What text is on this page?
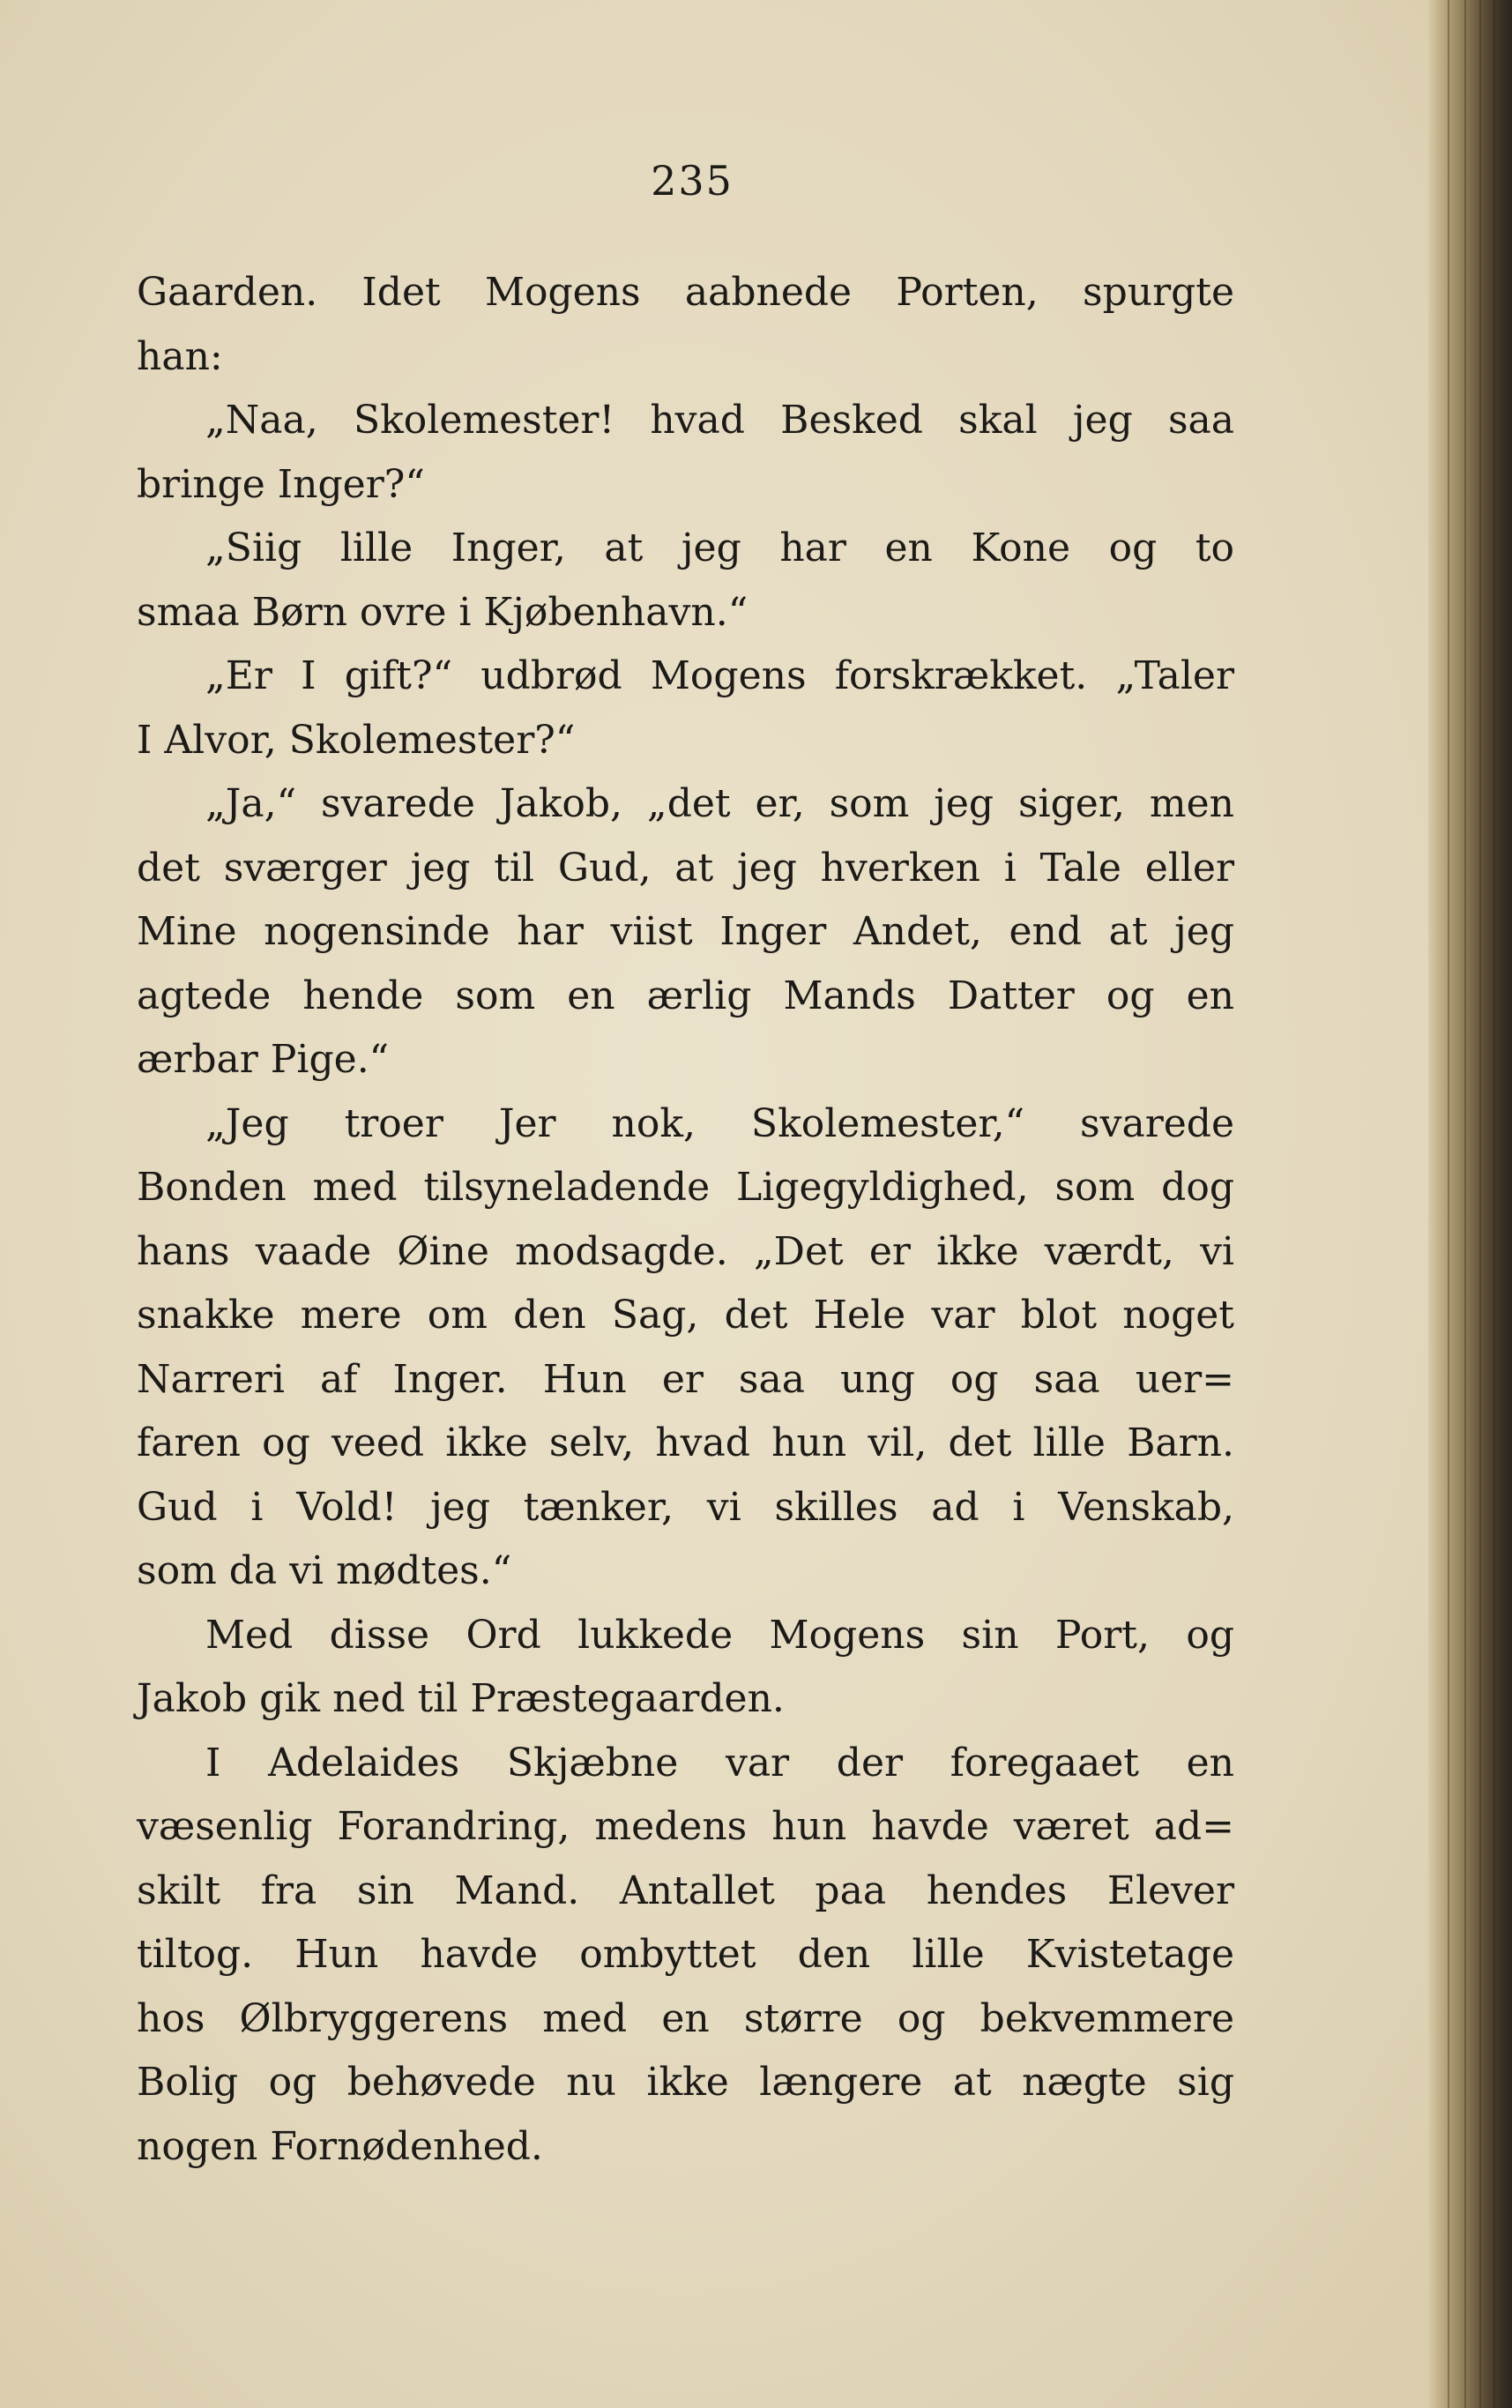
235
Gaarden. Idet Mogens aabnede Porten, spurgte
han:
„Naa, Skolemester! hvad Besked skal jeg saa
bringe Inger?“
„Siig lille Inger, at jeg har en Kone og to
smaa Børn ovre i Kjøbenhavn.“
„Er I gift?“ udbrød Mogens forskrækket. „Taler
I Alvor, Skolemester?“
„Ja,“ svarede Jakob, „det er, som jeg siger, men
det sværger jeg til Gud, at jeg hverken i Tale eller
Mine nogensinde har viist Inger Andet, end at jeg
agtede hende som en ærlig Mands Datter og en
ærbar Pige.“
„Jeg troer Jer nok, Skolemester,“ svarede
Bonden med tilsyneladende Ligegyldighed, som dog
hans vaade Øine modsagde. „Det er ikke værdt, vi
snakke mere om den Sag, det Hele var blot noget
Narreri af Inger. Hun er saa ung og saa uer=
faren og veed ikke selv, hvad hun vil, det lille Barn.
Gud i Vold! jeg tænker, vi skilles ad i Venskab,
som da vi mødtes.“
Med disse Ord lukkede Mogens sin Port, og
Jakob gik ned til Præstegaarden.
I Adelaides Skjæbne var der foregaaet en
væsenlig Forandring, medens hun havde været ad=
skilt fra sin Mand. Antallet paa hendes Elever
tiltog. Hun havde ombyttet den lille Kvistetage
hos Ølbryggerens med en større og bekvemmere
Bolig og behøvede nu ikke længere at nægte sig
nogen Fornødenhed.
